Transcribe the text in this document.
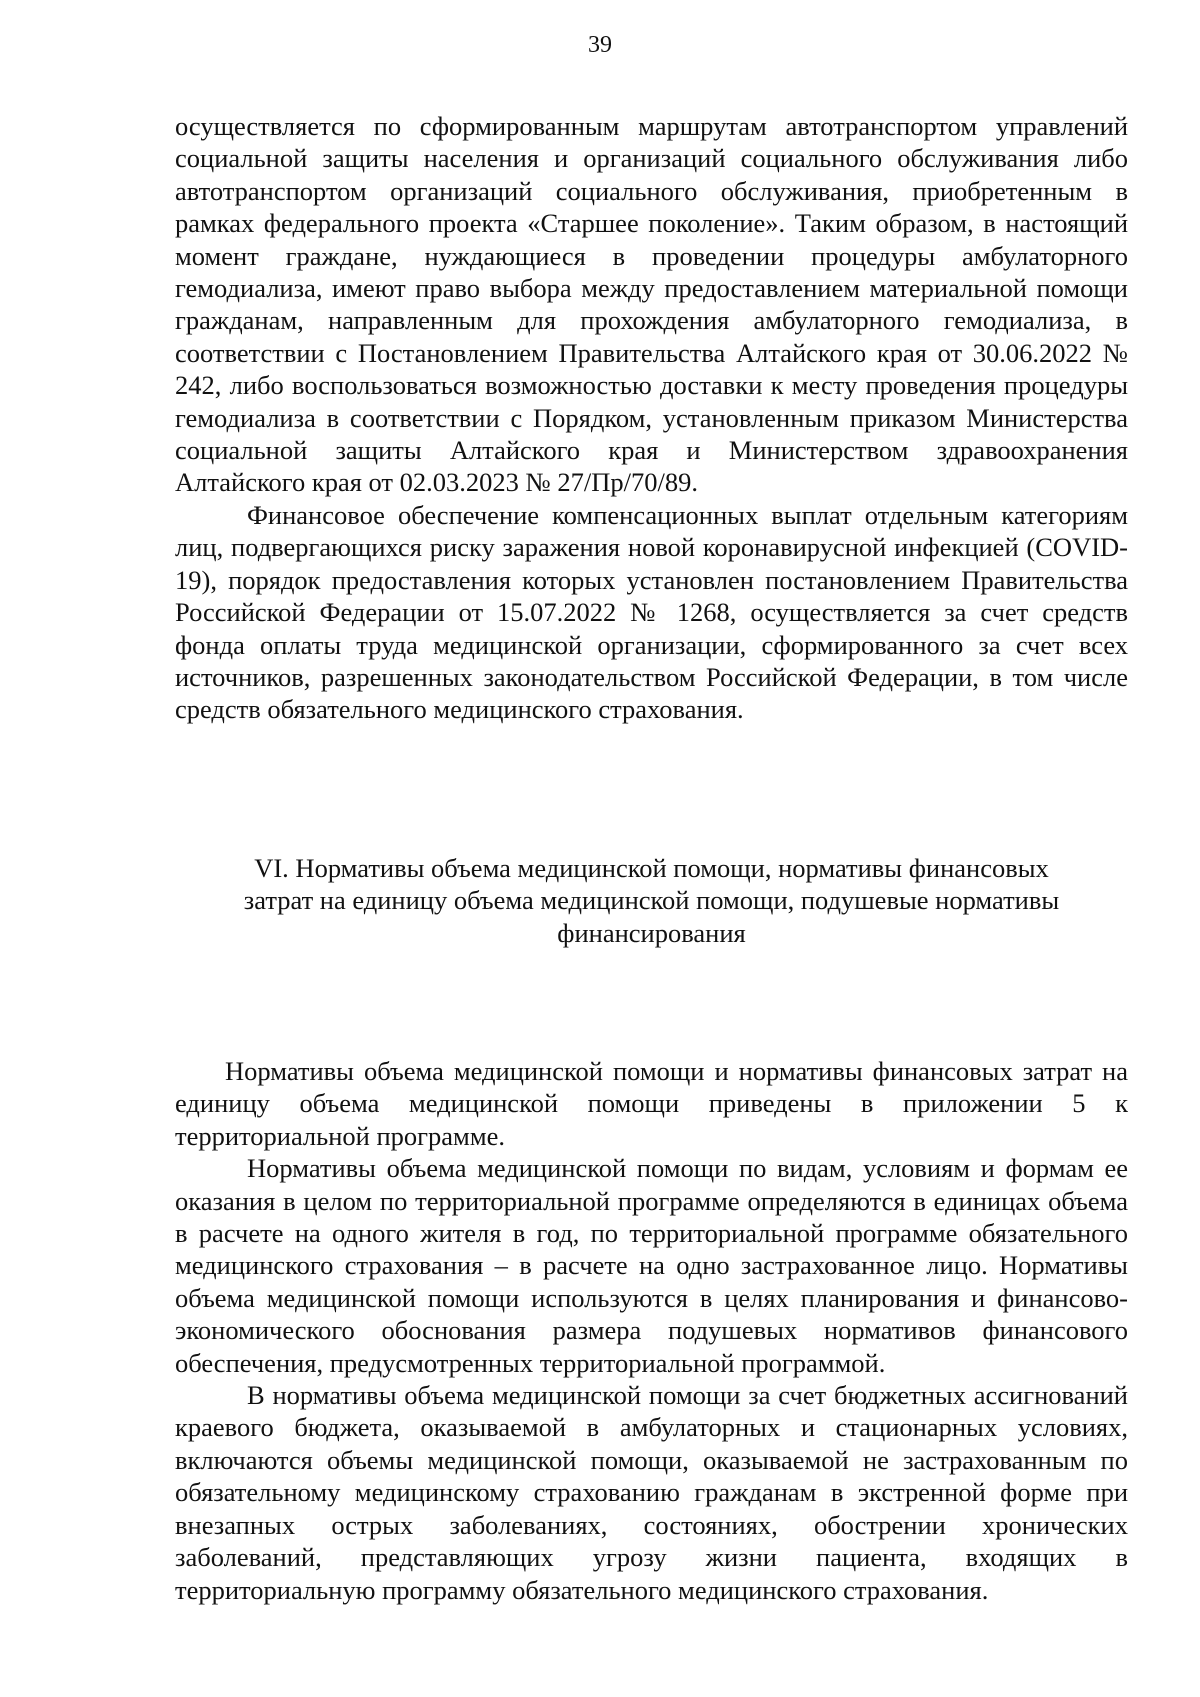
39

осуществляется по сформированным маршрутам автотранспортом управлений социальной защиты населения и организаций социального обслуживания либо автотранспортом организаций социального обслуживания, приобретенным в рамках федерального проекта «Старшее поколение». Таким образом, в настоящий момент граждане, нуждающиеся в проведении процедуры амбулаторного гемодиализа, имеют право выбора между предоставлением материальной помощи гражданам, направленным для прохождения амбулаторного гемодиализа, в соответствии с Постановлением Правительства Алтайского края от 30.06.2022 № 242, либо воспользоваться возможностью доставки к месту проведения процедуры гемодиализа в соответствии с Порядком, установленным приказом Министерства социальной защиты Алтайского края и Министерством здравоохранения Алтайского края от 02.03.2023 № 27/Пр/70/89.

Финансовое обеспечение компенсационных выплат отдельным категориям лиц, подвергающихся риску заражения новой коронавирусной инфекцией (COVID-19), порядок предоставления которых установлен постановлением Правительства Российской Федерации от 15.07.2022 № 1268, осуществляется за счет средств фонда оплаты труда медицинской организации, сформированного за счет всех источников, разрешенных законодательством Российской Федерации, в том числе средств обязательного медицинского страхования.

VI. Нормативы объема медицинской помощи, нормативы финансовых
затрат на единицу объема медицинской помощи, подушевые нормативы
финансирования

Нормативы объема медицинской помощи и нормативы финансовых затрат на единицу объема медицинской помощи приведены в приложении 5 к территориальной программе.

Нормативы объема медицинской помощи по видам, условиям и формам ее оказания в целом по территориальной программе определяются в единицах объема в расчете на одного жителя в год, по территориальной программе обязательного медицинского страхования – в расчете на одно застрахованное лицо. Нормативы объема медицинской помощи используются в целях планирования и финансово-экономического обоснования размера подушевых нормативов финансового обеспечения, предусмотренных территориальной программой.

В нормативы объема медицинской помощи за счет бюджетных ассигнований краевого бюджета, оказываемой в амбулаторных и стационарных условиях, включаются объемы медицинской помощи, оказываемой не застрахованным по обязательному медицинскому страхованию гражданам в экстренной форме при внезапных острых заболеваниях, состояниях, обострении хронических заболеваний, представляющих угрозу жизни пациента, входящих в территориальную программу обязательного медицинского страхования.
